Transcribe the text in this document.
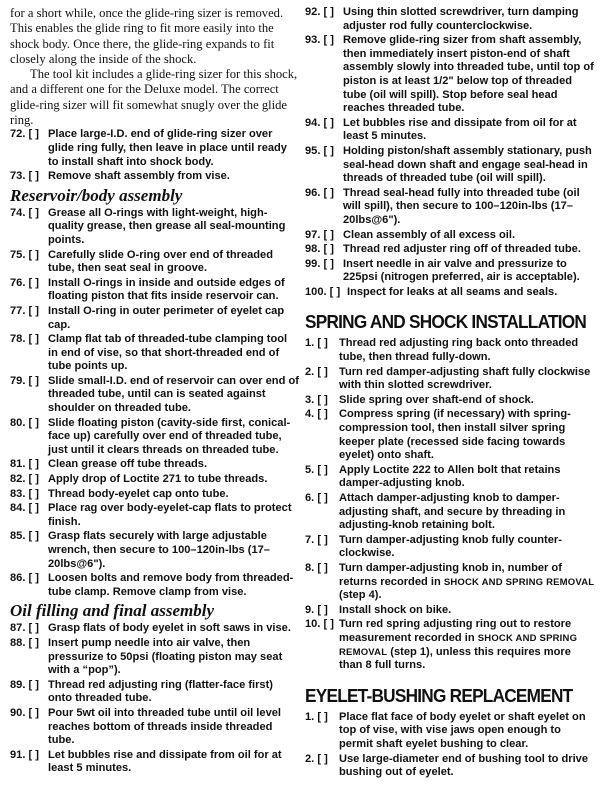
for a short while, once the glide-ring sizer is removed. This enables the glide ring to fit more easily into the shock body. Once there, the glide-ring expands to fit closely along the inside of the shock.

The tool kit includes a glide-ring sizer for this shock, and a different one for the Deluxe model. The correct glide-ring sizer will fit somewhat snugly over the glide ring.

72. [ ] Place large-I.D. end of glide-ring sizer over glide ring fully, then leave in place until ready to install shaft into shock body.
73. [ ] Remove shaft assembly from vise.
Reservoir/body assembly
74. [ ] Grease all O-rings with light-weight, high-quality grease, then grease all seal-mounting points.
75. [ ] Carefully slide O-ring over end of threaded tube, then seat seal in groove.
76. [ ] Install O-rings in inside and outside edges of floating piston that fits inside reservoir can.
77. [ ] Install O-ring in outer perimeter of eyelet cap cap.
78. [ ] Clamp flat tab of threaded-tube clamping tool in end of vise, so that short-threaded end of tube points up.
79. [ ] Slide small-I.D. end of reservoir can over end of threaded tube, until can is seated against shoulder on threaded tube.
80. [ ] Slide floating piston (cavity-side first, conical-face up) carefully over end of threaded tube, just until it clears threads on threaded tube.
81. [ ] Clean grease off tube threads.
82. [ ] Apply drop of Loctite 271 to tube threads.
83. [ ] Thread body-eyelet cap onto tube.
84. [ ] Place rag over body-eyelet-cap flats to protect finish.
85. [ ] Grasp flats securely with large adjustable wrench, then secure to 100–120in-lbs (17–20lbs@6").
86. [ ] Loosen bolts and remove body from threaded-tube clamp. Remove clamp from vise.
Oil filling and final assembly
87. [ ] Grasp flats of body eyelet in soft saws in vise.
88. [ ] Insert pump needle into air valve, then pressurize to 50psi (floating piston may seat with a “pop”).
89. [ ] Thread red adjusting ring (flatter-face first) onto threaded tube.
90. [ ] Pour 5wt oil into threaded tube until oil level reaches bottom of threads inside threaded tube.
91. [ ] Let bubbles rise and dissipate from oil for at least 5 minutes.
92. [ ] Using thin slotted screwdriver, turn damping adjuster rod fully counterclockwise.
93. [ ] Remove glide-ring sizer from shaft assembly, then immediately insert piston-end of shaft assembly slowly into threaded tube, until top of piston is at least 1/2" below top of threaded tube (oil will spill). Stop before seal head reaches threaded tube.
94. [ ] Let bubbles rise and dissipate from oil for at least 5 minutes.
95. [ ] Holding piston/shaft assembly stationary, push seal-head down shaft and engage seal-head in threads of threaded tube (oil will spill).
96. [ ] Thread seal-head fully into threaded tube (oil will spill), then secure to 100–120in-lbs (17–20lbs@6").
97. [ ] Clean assembly of all excess oil.
98. [ ] Thread red adjuster ring off of threaded tube.
99. [ ] Insert needle in air valve and pressurize to 225psi (nitrogen preferred, air is acceptable).
100. [ ] Inspect for leaks at all seams and seals.
SPRING AND SHOCK INSTALLATION
1. [ ]	Thread red adjusting ring back onto threaded tube, then thread fully-down.
2. [ ]	Turn red damper-adjusting shaft fully clockwise with thin slotted screwdriver.
3. [ ]	Slide spring over shaft-end of shock.
4. [ ]	Compress spring (if necessary) with spring-compression tool, then install silver spring keeper plate (recessed side facing towards eyelet) onto shaft.
5. [ ]	Apply Loctite 222 to Allen bolt that retains damper-adjusting knob.
6. [ ]	Attach damper-adjusting knob to damper-adjusting shaft, and secure by threading in adjusting-knob retaining bolt.
7. [ ]	Turn damper-adjusting knob fully counter-clockwise.
8. [ ]	Turn damper-adjusting knob in, number of returns recorded in SHOCK AND SPRING REMOVAL (step 4).
9. [ ]	Install shock on bike.
10. [ ] Turn red spring adjusting ring out to restore measurement recorded in SHOCK AND SPRING REMOVAL (step 1), unless this requires more than 8 full turns.
EYELET-BUSHING REPLACEMENT
1. [ ]	Place flat face of body eyelet or shaft eyelet on top of vise, with vise jaws open enough to permit shaft eyelet bushing to clear.
2. [ ]	Use large-diameter end of bushing tool to drive bushing out of eyelet.
